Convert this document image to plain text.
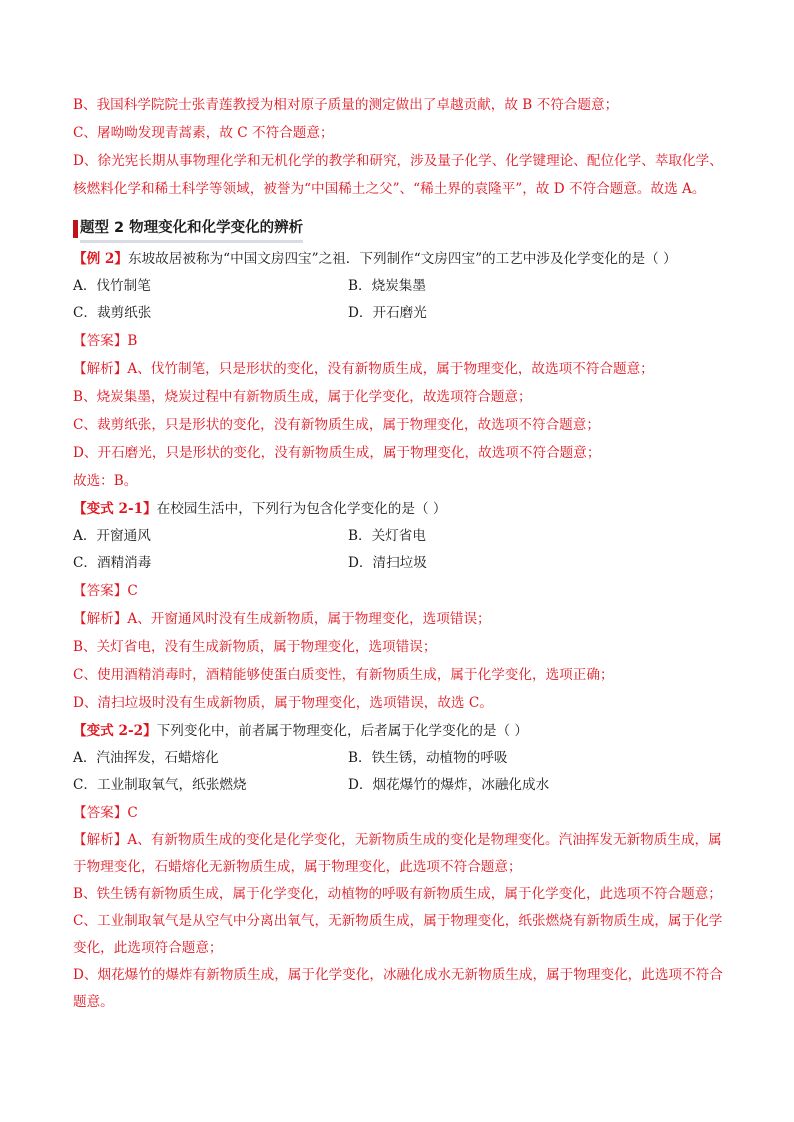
B、我国科学院院士张青莲教授为相对原子质量的测定做出了卓越贡献，故 B 不符合题意；
C、屠呦呦发现青蒿素，故 C 不符合题意；
D、徐光宪长期从事物理化学和无机化学的教学和研究，涉及量子化学、化学键理论、配位化学、萃取化学、
核燃料化学和稀土科学等领域，被誉为“中国稀土之父”、“稀土界的袁隆平”，故 D 不符合题意。故选 A。
题型 2 物理变化和化学变化的辨析
【例 2】东坡故居被称为“中国文房四宝”之祖．下列制作“文房四宝”的工艺中涉及化学变化的是（ ）
A．伐竹制笔	B．烧炭集墨
C．裁剪纸张	D．开石磨光
【答案】B
【解析】A、伐竹制笔，只是形状的变化，没有新物质生成，属于物理变化，故选项不符合题意；
B、烧炭集墨，烧炭过程中有新物质生成，属于化学变化，故选项符合题意；
C、裁剪纸张，只是形状的变化，没有新物质生成，属于物理变化，故选项不符合题意；
D、开石磨光，只是形状的变化，没有新物质生成，属于物理变化，故选项不符合题意；
故选：B。
【变式 2-1】在校园生活中，下列行为包含化学变化的是（ ）
A．开窗通风	B．关灯省电
C．酒精消毒	D．清扫垃圾
【答案】C
【解析】A、开窗通风时没有生成新物质，属于物理变化，选项错误；
B、关灯省电，没有生成新物质，属于物理变化，选项错误；
C、使用酒精消毒时，酒精能够使蛋白质变性，有新物质生成，属于化学变化，选项正确；
D、清扫垃圾时没有生成新物质，属于物理变化，选项错误，故选 C。
【变式 2-2】下列变化中，前者属于物理变化，后者属于化学变化的是（ ）
A．汽油挥发，石蜡熔化	B．铁生锈，动植物的呼吸
C．工业制取氧气，纸张燃烧	D．烟花爆竹的爆炸，冰融化成水
【答案】C
【解析】A、有新物质生成的变化是化学变化，无新物质生成的变化是物理变化。汽油挥发无新物质生成，属于物理变化，石蜡熔化无新物质生成，属于物理变化，此选项不符合题意；
B、铁生锈有新物质生成，属于化学变化，动植物的呼吸有新物质生成，属于化学变化，此选项不符合题意；
C、工业制取氧气是从空气中分离出氧气，无新物质生成，属于物理变化，纸张燃烧有新物质生成，属于化学变化，此选项符合题意；
D、烟花爆竹的爆炸有新物质生成，属于化学变化，冰融化成水无新物质生成，属于物理变化，此选项不符合题意。
